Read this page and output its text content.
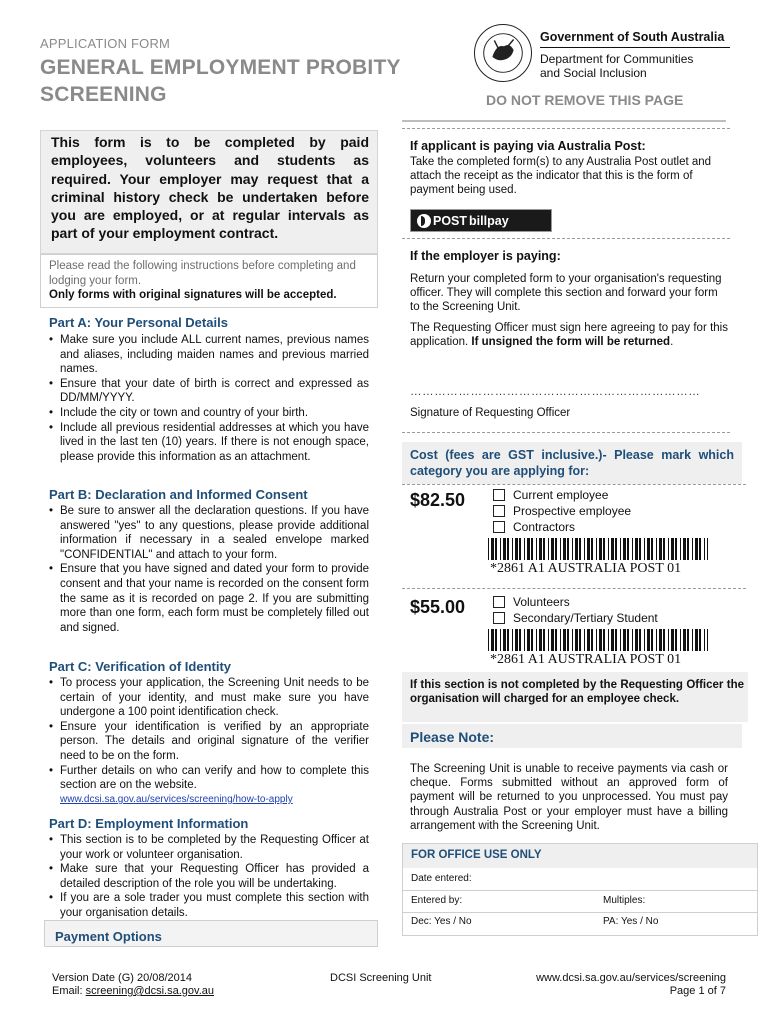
APPLICATION FORM
GENERAL EMPLOYMENT PROBITY
SCREENING
Government of South Australia
Department for Communities
and Social Inclusion
DO NOT REMOVE THIS PAGE
This form is to be completed by paid employees, volunteers and students as required. Your employer may request that a criminal history check be undertaken before you are employed, or at regular intervals as part of your employment contract.
Please read the following instructions before completing and lodging your form.
Only forms with original signatures will be accepted.
Part A: Your Personal Details
• Make sure you include ALL current names, previous names and aliases, including maiden names and previous married names.
• Ensure that your date of birth is correct and expressed as DD/MM/YYYY.
• Include the city or town and country of your birth.
• Include all previous residential addresses at which you have lived in the last ten (10) years. If there is not enough space, please provide this information as an attachment.
Part B: Declaration and Informed Consent
• Be sure to answer all the declaration questions. If you have answered "yes" to any questions, please provide additional information if necessary in a sealed envelope marked "CONFIDENTIAL" and attach to your form.
• Ensure that you have signed and dated your form to provide consent and that your name is recorded on the consent form the same as it is recorded on page 2. If you are submitting more than one form, each form must be completely filled out and signed.
Part C: Verification of Identity
• To process your application, the Screening Unit needs to be certain of your identity, and must make sure you have undergone a 100 point identification check.
• Ensure your identification is verified by an appropriate person. The details and original signature of the verifier need to be on the form.
• Further details on who can verify and how to complete this section are on the website.
www.dcsi.sa.gov.au/services/screening/how-to-apply
Part D: Employment Information
• This section is to be completed by the Requesting Officer at your work or volunteer organisation.
• Make sure that your Requesting Officer has provided a detailed description of the role you will be undertaking.
• If you are a sole trader you must complete this section with your organisation details.
Payment Options
If applicant is paying via Australia Post:
Take the completed form(s) to any Australia Post outlet and attach the receipt as the indicator that this is the form of payment being used.
POST billpay
If the employer is paying:
Return your completed form to your organisation's requesting officer. They will complete this section and forward your form to the Screening Unit.
The Requesting Officer must sign here agreeing to pay for this application. If unsigned the form will be returned.
………………………………………………………………
Signature of Requesting Officer
Cost (fees are GST inclusive.)- Please mark which category you are applying for:
$82.50	Current employee
Prospective employee
Contractors
*2861 A1 AUSTRALIA POST 01
$55.00	Volunteers
Secondary/Tertiary Student
*2861 A1 AUSTRALIA POST 01
If this section is not completed by the Requesting Officer the organisation will charged for an employee check.
Please Note:
The Screening Unit is unable to receive payments via cash or cheque. Forms submitted without an approved form of payment will be returned to you unprocessed. You must pay through Australia Post or your employer must have a billing arrangement with the Screening Unit.
FOR OFFICE USE ONLY
Date entered:
Entered by:	Multiples:
Dec: Yes / No	PA: Yes / No
Version Date (G) 20/08/2014
Email: screening@dcsi.sa.gov.au
DCSI Screening Unit	www.dcsi.sa.gov.au/services/screening
Page 1 of 7
